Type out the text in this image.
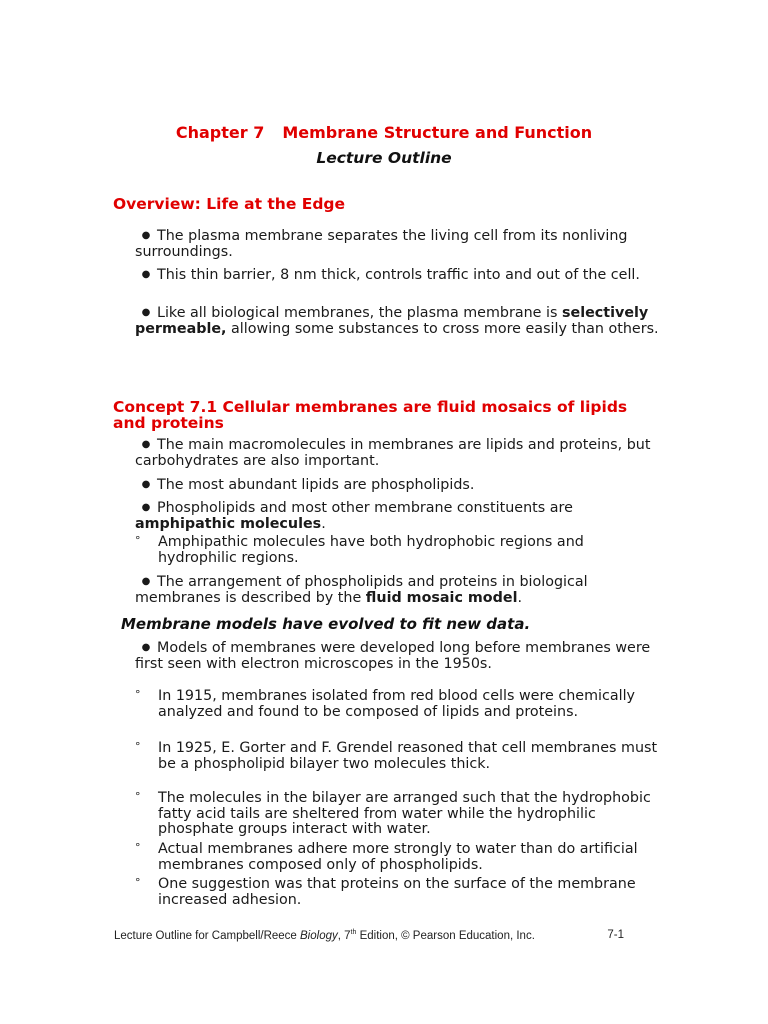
Chapter 7 Membrane Structure and Function
Lecture Outline
Overview: Life at the Edge
● The plasma membrane separates the living cell from its nonliving surroundings.
● This thin barrier, 8 nm thick, controls traffic into and out of the cell.
● Like all biological membranes, the plasma membrane is selectively permeable, allowing some substances to cross more easily than others.
Concept 7.1 Cellular membranes are fluid mosaics of lipids and proteins
● The main macromolecules in membranes are lipids and proteins, but carbohydrates are also important.
● The most abundant lipids are phospholipids.
● Phospholipids and most other membrane constituents are amphipathic molecules.
° Amphipathic molecules have both hydrophobic regions and hydrophilic regions.
● The arrangement of phospholipids and proteins in biological membranes is described by the fluid mosaic model.
Membrane models have evolved to fit new data.
● Models of membranes were developed long before membranes were first seen with electron microscopes in the 1950s.
° In 1915, membranes isolated from red blood cells were chemically analyzed and found to be composed of lipids and proteins.
° In 1925, E. Gorter and F. Grendel reasoned that cell membranes must be a phospholipid bilayer two molecules thick.
° The molecules in the bilayer are arranged such that the hydrophobic fatty acid tails are sheltered from water while the hydrophilic phosphate groups interact with water.
° Actual membranes adhere more strongly to water than do artificial membranes composed only of phospholipids.
° One suggestion was that proteins on the surface of the membrane increased adhesion.
Lecture Outline for Campbell/Reece Biology, 7th Edition, © Pearson Education, Inc.	7-1
